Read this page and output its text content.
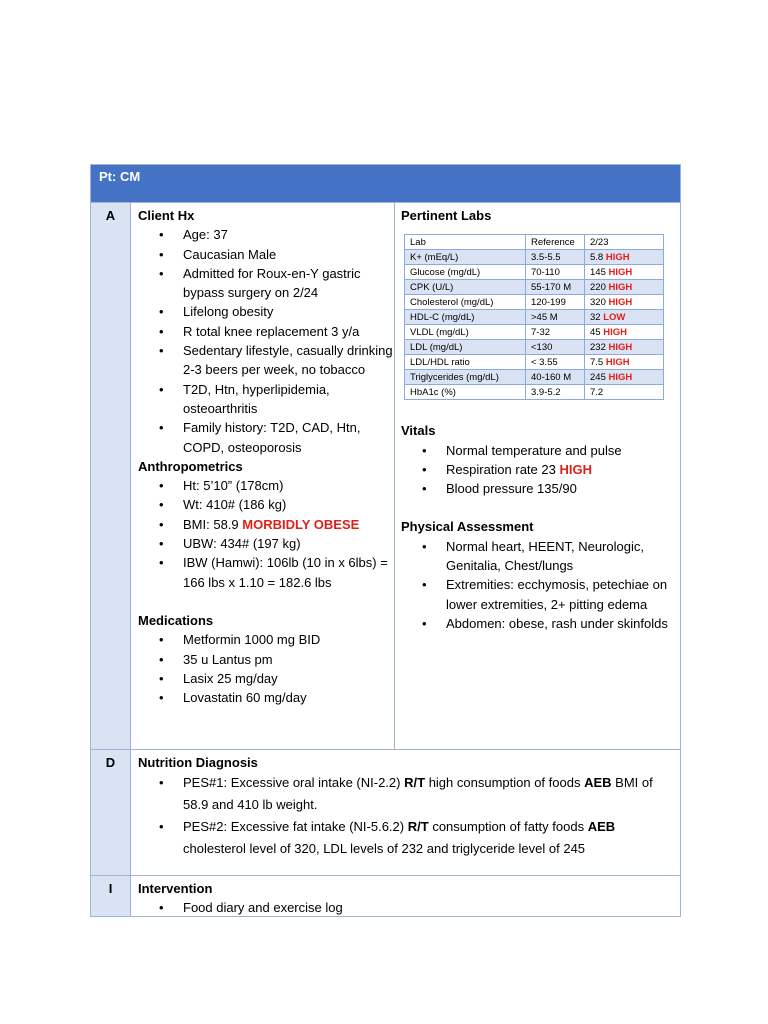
Pt: CM
A	Client Hx
• Age: 37
• Caucasian Male
• Admitted for Roux-en-Y gastric bypass surgery on 2/24
• Lifelong obesity
• R total knee replacement 3 y/a
• Sedentary lifestyle, casually drinking 2-3 beers per week, no tobacco
• T2D, Htn, hyperlipidemia, osteoarthritis
• Family history: T2D, CAD, Htn, COPD, osteoporosis
Anthropometrics
• Ht: 5’10” (178cm)
• Wt: 410# (186 kg)
• BMI: 58.9 MORBIDLY OBESE
• UBW: 434# (197 kg)
• IBW (Hamwi): 106lb (10 in x 6lbs) = 166 lbs x 1.10 = 182.6 lbs
Medications
• Metformin 1000 mg BID
• 35 u Lantus pm
• Lasix 25 mg/day
• Lovastatin 60 mg/day
Pertinent Labs
Lab	Reference	2/23
K+ (mEq/L)	3.5-5.5	5.8 HIGH
Glucose (mg/dL)	70-110	145 HIGH
CPK (U/L)	55-170 M	220 HIGH
Cholesterol (mg/dL)	120-199	320 HIGH
HDL-C (mg/dL)	>45 M	32 LOW
VLDL (mg/dL)	7-32	45 HIGH
LDL (mg/dL)	<130	232 HIGH
LDL/HDL ratio	< 3.55	7.5 HIGH
Triglycerides (mg/dL)	40-160 M	245 HIGH
HbA1c (%)	3.9-5.2	7.2
Vitals
• Normal temperature and pulse
• Respiration rate 23 HIGH
• Blood pressure 135/90
Physical Assessment
• Normal heart, HEENT, Neurologic, Genitalia, Chest/lungs
• Extremities: ecchymosis, petechiae on lower extremities, 2+ pitting edema
• Abdomen: obese, rash under skinfolds
D	Nutrition Diagnosis
• PES#1: Excessive oral intake (NI-2.2) R/T high consumption of foods AEB BMI of 58.9 and 410 lb weight.
• PES#2: Excessive fat intake (NI-5.6.2) R/T consumption of fatty foods AEB cholesterol level of 320, LDL levels of 232 and triglyceride level of 245
I	Intervention
• Food diary and exercise log
